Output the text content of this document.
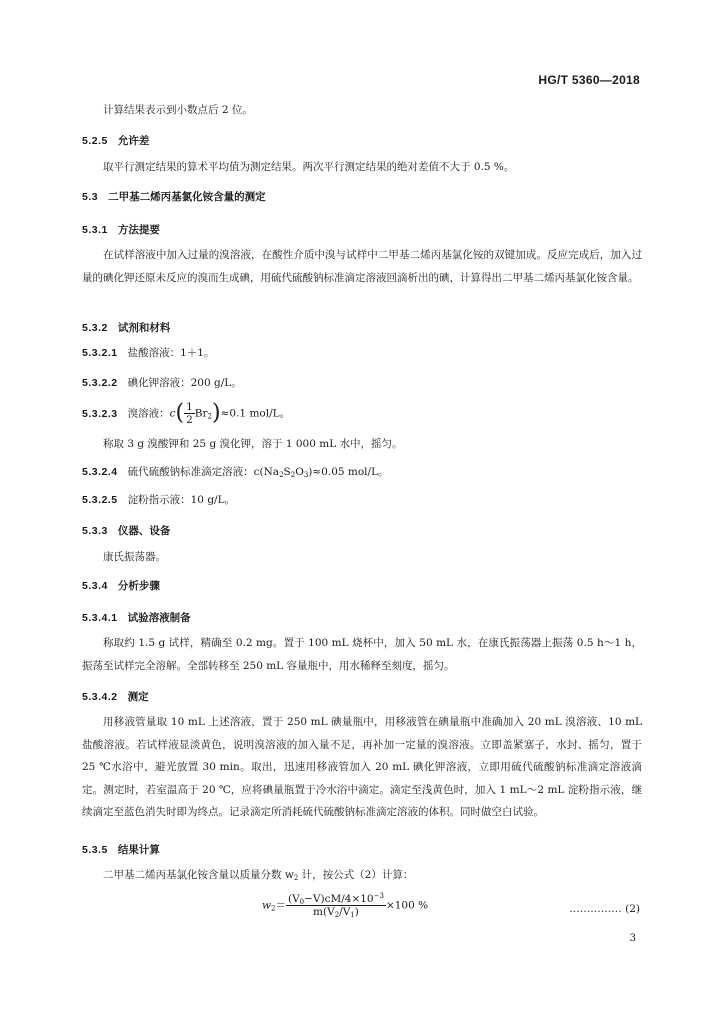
HG/T 5360—2018
计算结果表示到小数点后 2 位。
5.2.5 允许差
取平行测定结果的算术平均值为测定结果。两次平行测定结果的绝对差值不大于 0.5 %。
5.3 二甲基二烯丙基氯化铵含量的测定
5.3.1 方法提要
在试样溶液中加入过量的溴溶液，在酸性介质中溴与试样中二甲基二烯丙基氯化铵的双键加成。反应完成后，加入过量的碘化钾还原未反应的溴而生成碘，用硫代硫酸钠标准滴定溶液回滴析出的碘，计算得出二甲基二烯丙基氯化铵含量。
5.3.2 试剂和材料
5.3.2.1 盐酸溶液：1＋1。
5.3.2.2 碘化钾溶液：200 g/L。
5.3.2.3 溴溶液：$c( \frac{1}{2} Br_2)\approx 0.1$ mol/L。
称取 3 g 溴酸钾和 25 g 溴化钾，溶于 1 000 mL 水中，摇匀。
5.3.2.4 硫代硫酸钠标准滴定溶液：$c(Na_2S_2O_3)\approx 0.05$ mol/L。
5.3.2.5 淀粉指示液：10 g/L。
5.3.3 仪器、设备
康氏振荡器。
5.3.4 分析步骤
5.3.4.1 试验溶液制备
称取约 1.5 g 试样，精确至 0.2 mg。置于 100 mL 烧杯中，加入 50 mL 水，在康氏振荡器上振荡 0.5 h～1 h，振荡至试样完全溶解。全部转移至 250 mL 容量瓶中，用水稀释至刻度，摇匀。
5.3.4.2 测定
用移液管量取 10 mL 上述溶液，置于 250 mL 碘量瓶中，用移液管在碘量瓶中准确加入 20 mL 溴溶液、10 mL 盐酸溶液。若试样液显淡黄色，说明溴溶液的加入量不足，再补加一定量的溴溶液。立即盖紧塞子，水封、摇匀，置于 25 ℃水浴中，避光放置 30 min。取出，迅速用移液管加入 20 mL 碘化钾溶液，立即用硫代硫酸钠标准滴定溶液滴定。测定时，若室温高于 20 ℃，应将碘量瓶置于冷水浴中滴定。滴定至浅黄色时，加入 1 mL～2 mL 淀粉指示液，继续滴定至蓝色消失时即为终点。记录滴定所消耗硫代硫酸钠标准滴定溶液的体积。同时做空白试验。
5.3.5 结果计算
二甲基二烯丙基氯化铵含量以质量分数 $w_2$ 计，按公式（2）计算：
$w_2= \frac{(V_0-V)cM/4\times 10^{-3}}{m(V_2/V_1)} \times 100$ %	…………… (2)
3
